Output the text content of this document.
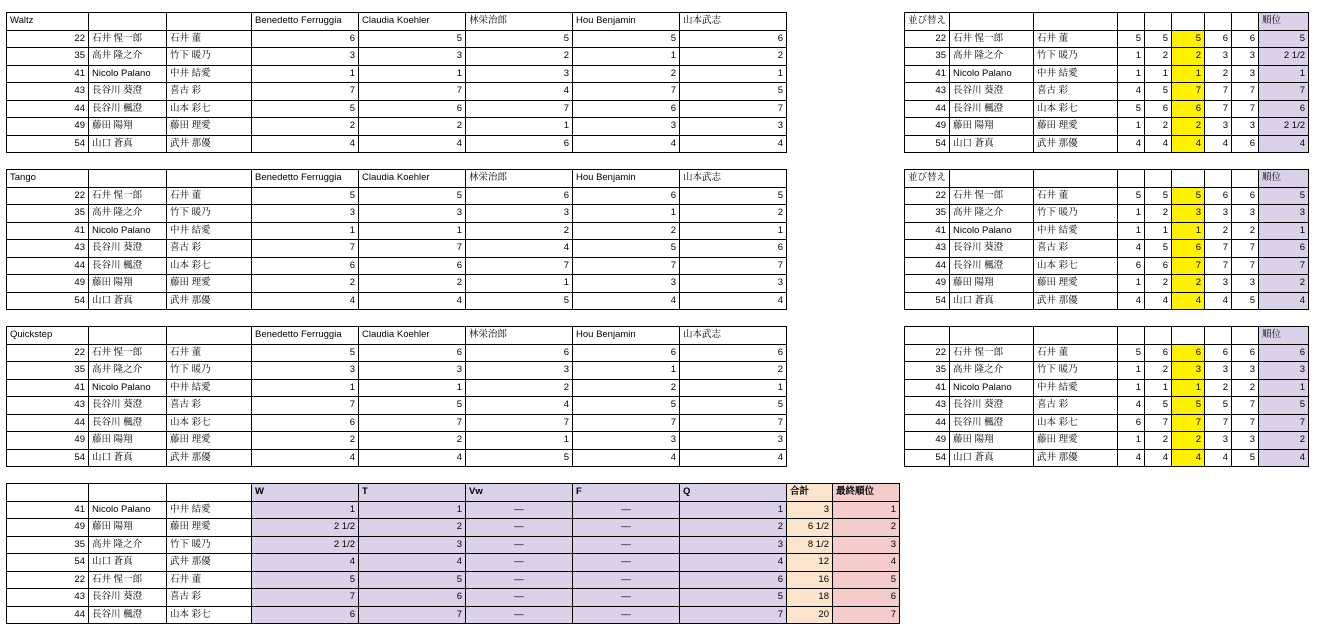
Waltz			Benedetto Ferruggia	Claudia Koehler	林栄治郎	Hou Benjamin	山本武志
22	石井 惺一郎	石井 董	6	5	5	5	6
35	高井 隆之介	竹下 暖乃	3	3	2	1	2
41	Nicolo Palano	中井 結愛	1	1	3	2	1
43	長谷川 葵澄	喜古 彩	7	7	4	7	5
44	長谷川 楓澄	山本 彩七	5	6	7	6	7
49	藤田 陽翔	藤田 理愛	2	2	1	3	3
54	山口 蒼真	武井 那優	4	4	6	4	4
並び替え								順位
22	石井 惺一郎	石井 董	5	5	5	6	6	5
35	高井 隆之介	竹下 暖乃	1	2	2	3	3	2 1/2
41	Nicolo Palano	中井 結愛	1	1	1	2	3	1
43	長谷川 葵澄	喜古 彩	4	5	7	7	7	7
44	長谷川 楓澄	山本 彩七	5	6	6	7	7	6
49	藤田 陽翔	藤田 理愛	1	2	2	3	3	2 1/2
54	山口 蒼真	武井 那優	4	4	4	4	6	4
Tango			Benedetto Ferruggia	Claudia Koehler	林栄治郎	Hou Benjamin	山本武志
22	石井 惺一郎	石井 董	5	5	6	6	5
35	高井 隆之介	竹下 暖乃	3	3	3	1	2
41	Nicolo Palano	中井 結愛	1	1	2	2	1
43	長谷川 葵澄	喜古 彩	7	7	4	5	6
44	長谷川 楓澄	山本 彩七	6	6	7	7	7
49	藤田 陽翔	藤田 理愛	2	2	1	3	3
54	山口 蒼真	武井 那優	4	4	5	4	4
並び替え								順位
22	石井 惺一郎	石井 董	5	5	5	6	6	5
35	高井 隆之介	竹下 暖乃	1	2	3	3	3	3
41	Nicolo Palano	中井 結愛	1	1	1	2	2	1
43	長谷川 葵澄	喜古 彩	4	5	6	7	7	6
44	長谷川 楓澄	山本 彩七	6	6	7	7	7	7
49	藤田 陽翔	藤田 理愛	1	2	2	3	3	2
54	山口 蒼真	武井 那優	4	4	4	4	5	4
Quickstep			Benedetto Ferruggia	Claudia Koehler	林栄治郎	Hou Benjamin	山本武志
22	石井 惺一郎	石井 董	5	6	6	6	6
35	高井 隆之介	竹下 暖乃	3	3	3	1	2
41	Nicolo Palano	中井 結愛	1	1	2	2	1
43	長谷川 葵澄	喜古 彩	7	5	4	5	5
44	長谷川 楓澄	山本 彩七	6	7	7	7	7
49	藤田 陽翔	藤田 理愛	2	2	1	3	3
54	山口 蒼真	武井 那優	4	4	5	4	4
								順位
22	石井 惺一郎	石井 董	5	6	6	6	6	6
35	高井 隆之介	竹下 暖乃	1	2	3	3	3	3
41	Nicolo Palano	中井 結愛	1	1	1	2	2	1
43	長谷川 葵澄	喜古 彩	4	5	5	5	7	5
44	長谷川 楓澄	山本 彩七	6	7	7	7	7	7
49	藤田 陽翔	藤田 理愛	1	2	2	3	3	2
54	山口 蒼真	武井 那優	4	4	4	4	5	4
			W	T	Vw	F	Q	合計	最終順位
41	Nicolo Palano	中井 結愛	1	1	—	—	1	3	1
49	藤田 陽翔	藤田 理愛	2 1/2	2	—	—	2	6 1/2	2
35	高井 隆之介	竹下 暖乃	2 1/2	3	—	—	3	8 1/2	3
54	山口 蒼真	武井 那優	4	4	—	—	4	12	4
22	石井 惺一郎	石井 董	5	5	—	—	6	16	5
43	長谷川 葵澄	喜古 彩	7	6	—	—	5	18	6
44	長谷川 楓澄	山本 彩七	6	7	—	—	7	20	7
